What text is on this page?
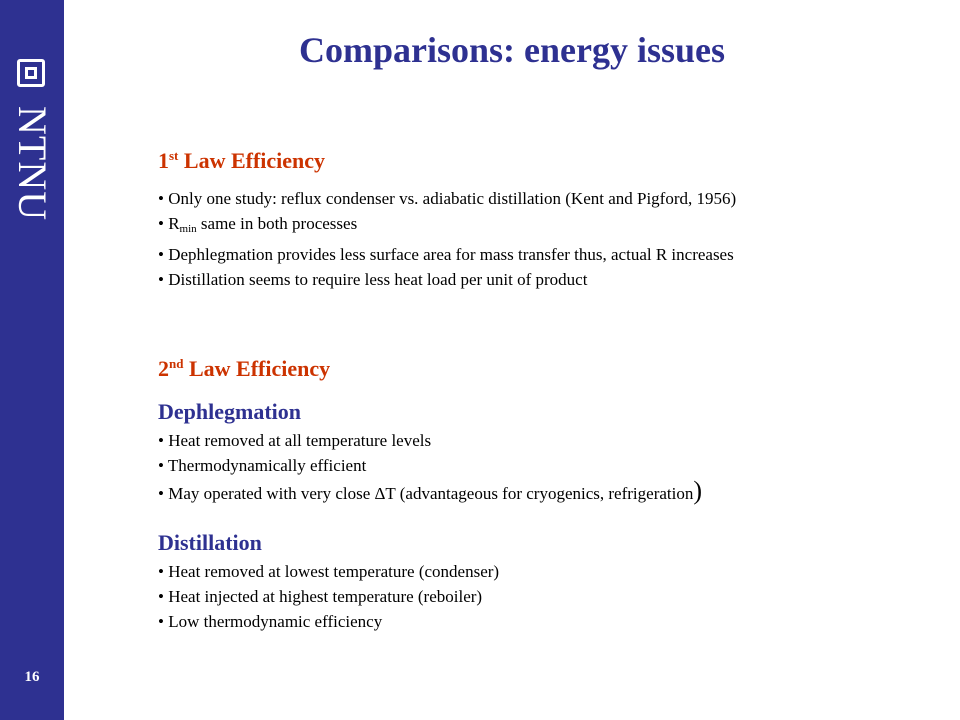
NTNU
16
Comparisons: energy issues
1st Law Efficiency
• Only one study: reflux condenser vs. adiabatic distillation (Kent and Pigford, 1956)
• $R_{min}$ same in both processes
• Dephlegmation provides less surface area for mass transfer thus, actual R increases
• Distillation seems to require less heat load per unit of product
2nd Law Efficiency
Dephlegmation
• Heat removed at all temperature levels
• Thermodynamically efficient
• May operated with very close ΔT (advantageous for cryogenics, refrigeration)
Distillation
• Heat removed at lowest temperature (condenser)
• Heat injected at highest temperature (reboiler)
• Low thermodynamic efficiency
